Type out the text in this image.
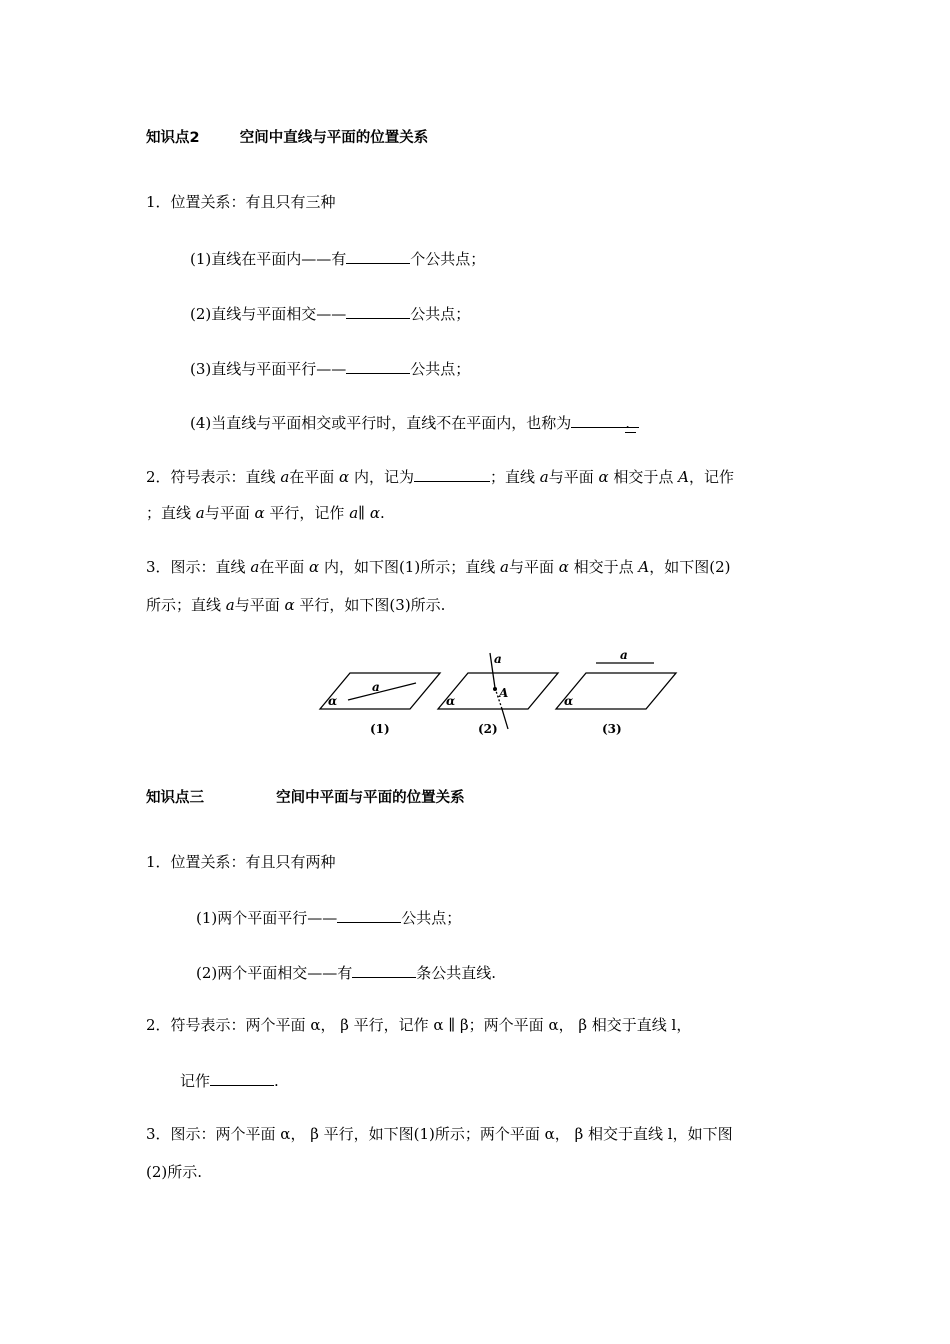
知识点2	空间中直线与平面的位置关系
1．位置关系：有且只有三种
(1)直线在平面内——有	个公共点；
(2)直线与平面相交——	公共点；
(3)直线与平面平行——	公共点；
(4)当直线与平面相交或平行时，直线不在平面内，也称为	.
2．符号表示：直线 a在平面 α 内，记为	；直线 a与平面 α 相交于点 A，记作
；直线 a与平面 α 平行，记作 a∥ α.
3．图示：直线 a在平面 α 内，如下图(1)所示；直线 a与平面 α 相交于点 A，如下图(2)
所示；直线 a与平面 α 平行，如下图(3)所示.
a
α
(1)
a
A
α
(2)
a
α
(3)
知识点三	空间中平面与平面的位置关系
1．位置关系：有且只有两种
(1)两个平面平行——	公共点；
(2)两个平面相交——有	条公共直线.
2．符号表示：两个平面 α， β 平行，记作 α ∥ β；两个平面 α， β 相交于直线 l，
记作	.
3．图示：两个平面 α， β 平行，如下图(1)所示；两个平面 α， β 相交于直线 l，如下图
(2)所示.
